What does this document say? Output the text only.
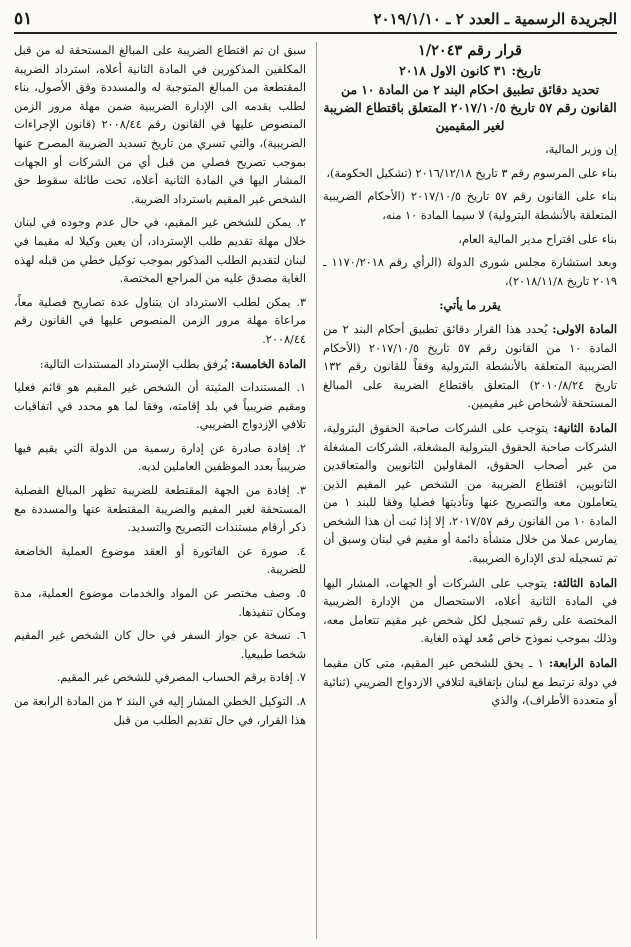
الجريدة الرسمية ـ العدد ٢ ـ ٢٠١٩/١/١٠
٥١

قرار رقم ١/٢٠٤٣

تاريخ: ٣١ كانون الاول ٢٠١٨

تحديد دقائق تطبيق احكام البند ٢ من المادة ١٠ من القانون رقم ٥٧ تاريخ ٢٠١٧/١٠/٥ المتعلق باقتطاع الضريبة لغير المقيمين

إن وزير المالية،

بناء على المرسوم رقم ٣ تاريخ ٢٠١٦/١٢/١٨ (تشكيل الحكومة)،

بناء على القانون رقم ٥٧ تاريخ ٢٠١٧/١٠/٥ (الأحكام الضريبية المتعلقة بالأنشطة البترولية) لا سيما المادة ١٠ منه،

بناء على اقتراح مدير المالية العام،

وبعد استشارة مجلس شورى الدولة (الرأي رقم ١١٧٠/٢٠١٨ ـ ٢٠١٩ تاريخ ٢٠١٨/١١/٨)،

يقرر ما يأتي:

المادة الاولى: يُحدد هذا القرار دقائق تطبيق أحكام البند ٢ من المادة ١٠ من القانون رقم ٥٧ تاريخ ٢٠١٧/١٠/٥ (الأحكام الضريبية المتعلقة بالأنشطة البترولية وفقاً للقانون رقم ١٣٢ تاريخ ٢٠١٠/٨/٢٤) المتعلق باقتطاع الضريبة على المبالغ المستحقة لأشخاص غير مقيمين.

المادة الثانية: يتوجب على الشركات صاحبة الحقوق البترولية، الشركات صاحبة الحقوق البترولية المشغلة، الشركات المشغلة من غير أصحاب الحقوق، المقاولين الثانويين والمتعاقدين الثانويين، اقتطاع الضريبة من الشخص غير المقيم الذين يتعاملون معه والتصريح عنها وتأديتها فصليا وفقا للبند ١ من المادة ١٠ من القانون رقم ٢٠١٧/٥٧، إلا إذا ثبت أن هذا الشخص يمارس عملا من خلال منشأة دائمة أو مقيم في لبنان وسبق أن تم تسجيله لدى الإدارة الضريبية.

المادة الثالثة: يتوجب على الشركات أو الجهات، المشار اليها في المادة الثانية أعلاه، الاستحصال من الإدارة الضريبية المختصة على رقم تسجيل لكل شخص غير مقيم تتعامل معه، وذلك بموجب نموذج خاص مُعد لهذه الغاية.

المادة الرابعة: ١ ـ يحق للشخص غير المقيم، متى كان مقيما في دولة ترتبط مع لبنان بإتفاقية لتلافي الازدواج الضريبي (ثنائية أو متعددة الأطراف)، والذي

سبق ان تم اقتطاع الضريبة على المبالغ المستحقة له من قبل المكلفين المذكورين في المادة الثانية أعلاه، استرداد الضريبة المقتطعة من المبالغ المتوجبة له والمسددة وفق الأصول، بناء لطلب يقدمه الى الإدارة الضريبية ضمن مهلة مرور الزمن المنصوص عليها في القانون رقم ٢٠٠٨/٤٤ (قانون الإجراءات الضريبية)، والتي تسري من تاريخ تسديد الضريبة المصرح عنها بموجب تصريح فصلي من قبل أي من الشركات أو الجهات المشار اليها في المادة الثانية أعلاه، تحت طائلة سقوط حق الشخص غير المقيم باسترداد الضريبة.

٢. يمكن للشخص غير المقيم، في حال عدم وجوده في لبنان خلال مهلة تقديم طلب الإسترداد، أن يعين وكيلا له مقيما في لبنان لتقديم الطلب المذكور بموجب توكيل خطي من قبله لهذه الغاية مصدق عليه من المراجع المختصة.

٣. يمكن لطلب الاسترداد ان يتناول عدة تصاريح فصلية معاً، مراعاة مهلة مرور الزمن المنصوص عليها في القانون رقم ٢٠٠٨/٤٤.

المادة الخامسة: يُرفق بطلب الإسترداد المستندات التالية:

١. المستندات المثبتة أن الشخص غير المقيم هو قائم فعليا ومقيم ضريبياً في بلد إقامته، وفقا لما هو محدد في اتفاقيات تلافي الإزدواج الضريبي.

٢. إفادة صادرة عن إدارة رسمية من الدولة التي يقيم فيها ضريبياً بعدد الموظفين العاملين لديه.

٣. إفادة من الجهة المقتطعة للضريبة تظهر المبالغ الفصلية المستحقة لغير المقيم والضريبة المقتطعة عنها والمسددة مع ذكر أرقام مستندات التصريح والتسديد.

٤. صورة عن الفاتورة أو العقد موضوع العملية الخاضعة للضريبة.

٥. وصف مختصر عن المواد والخدمات موضوع العملية، مدة ومكان تنفيذها.

٦. نسخة عن جواز السفر في حال كان الشخص غير المقيم شخصا طبيعيا.

٧. إفادة برقم الحساب المصرفي للشخص غير المقيم.

٨. التوكيل الخطي المشار إليه في البند ٢ من المادة الرابعة من هذا القرار، في حال تقديم الطلب من قبل
